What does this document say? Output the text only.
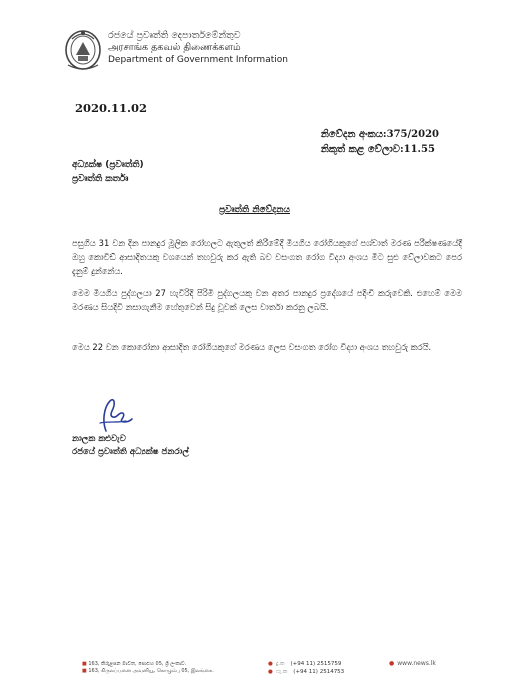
රජයේ ප්‍රවෘත්ති දෙපාර්තමේන්තුව
அரசாங்க தகவல் திணைக்களம்
Department of Government Information
2020.11.02
නිවේදන අංකය:375/2020
නිකුත් කළ වේලාව:11.55
අධ්‍යක්ෂ (ප්‍රවෘත්ති)
ප්‍රවෘත්ති කර්තෘ
ප්‍රවෘත්ති නිවේදනය
පසුගිය 31 වන දින පානදුර මූලික රෝහලට ඇතුලත් කිරීමේදී මියගිය රෝගියකුගේ පශ්චාත් මරණ පරීක්ෂණයේදී ඔහු කොවිඩ් ආසාදිතයකු වශයෙන් තහවුරු කර ඇති බව වසංගත රෝග විද්‍යා අංශය මීට සුළු වේලාවකට පෙර දැනුම් දුන්නේය.
මෙම මියගිය පුද්ගලයා 27 හැවිරිදි පිරිමි පුද්ගලයකු වන අතර පානදුර ප්‍රදේශයේ පදිංචි කරුවෙකි. එහෙම් මෙම මරණය සියදිවි නසාගැනීම හේතුවෙන් සිදු වූවක් ලෙස වාර්තා කරනු ලබයි.
මෙය 22 වන කොරෝනා ආසාදිත රෝගියකුගේ මරණය ලෙස වසංගත රෝග විද්‍යා අංශය තහවුරු කරයි.
නාලක කළුවැව
රජයේ ප්‍රවෘත්ති අධ්‍යක්ෂ ජනරාල්
■ 163, කිරුළපන මාවත, පොළුහ 05, ශ්‍රී ලංකාව.
■ 163, கிருலப்பனை அவனியூ, கொழும்பு 05, இலங்கை.
● දු.ක (+94 11) 2515759
● ෆැ.ක (+94 11) 2514753
● www.news.lk
